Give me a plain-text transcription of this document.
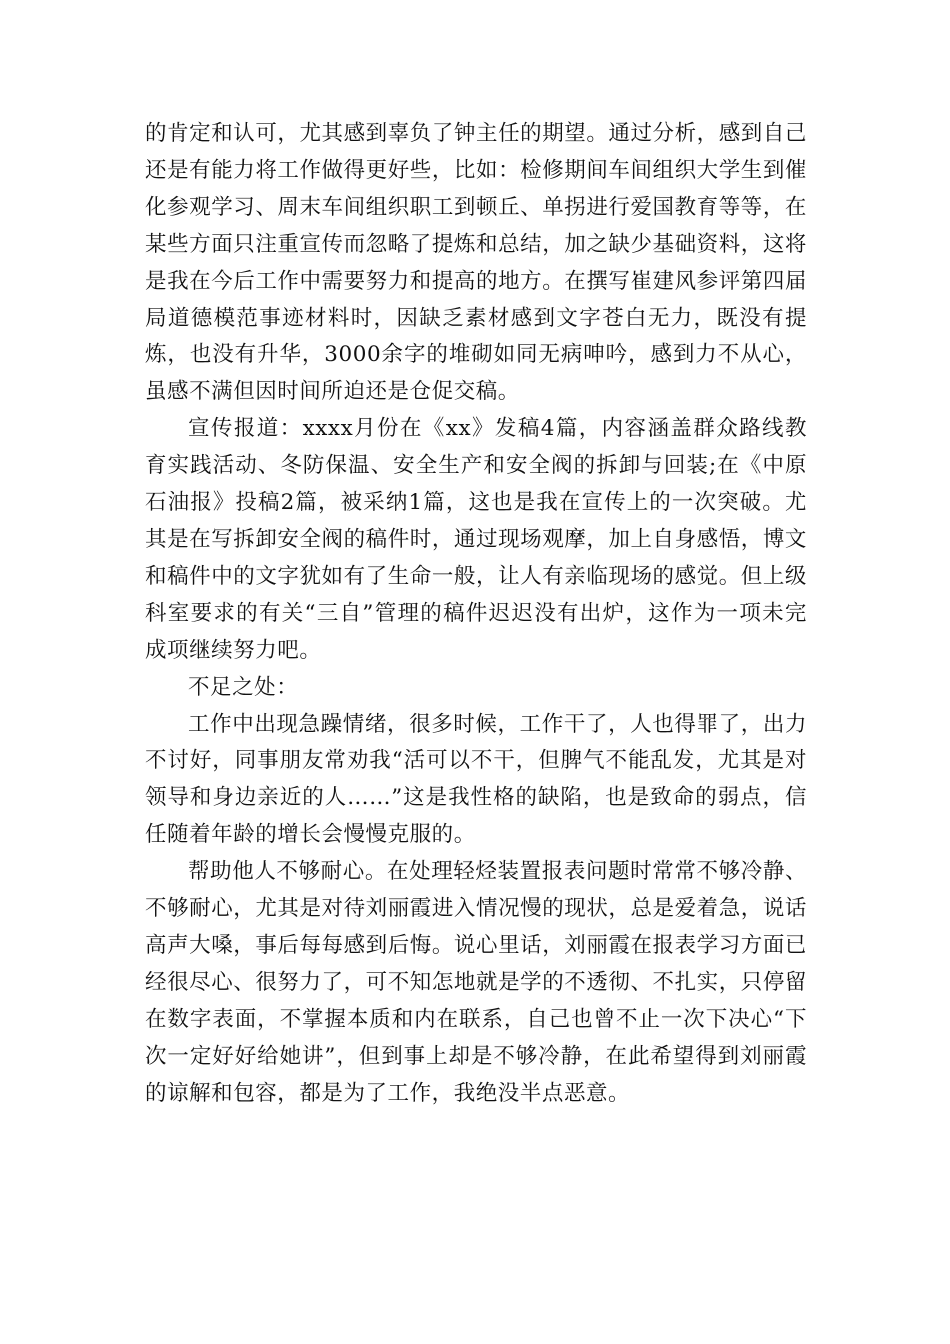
的肯定和认可，尤其感到辜负了钟主任的期望。通过分析，感到自己还是有能力将工作做得更好些，比如：检修期间车间组织大学生到催化参观学习、周末车间组织职工到顿丘、单拐进行爱国教育等等，在某些方面只注重宣传而忽略了提炼和总结，加之缺少基础资料，这将是我在今后工作中需要努力和提高的地方。在撰写崔建风参评第四届局道德模范事迹材料时，因缺乏素材感到文字苍白无力，既没有提炼，也没有升华，3000余字的堆砌如同无病呻吟，感到力不从心，虽感不满但因时间所迫还是仓促交稿。

宣传报道：xxxx月份在《xx》发稿4篇，内容涵盖群众路线教育实践活动、冬防保温、安全生产和安全阀的拆卸与回装;在《中原石油报》投稿2篇，被采纳1篇，这也是我在宣传上的一次突破。尤其是在写拆卸安全阀的稿件时，通过现场观摩，加上自身感悟，博文和稿件中的文字犹如有了生命一般，让人有亲临现场的感觉。但上级科室要求的有关“三自”管理的稿件迟迟没有出炉，这作为一项未完成项继续努力吧。

不足之处：

工作中出现急躁情绪，很多时候，工作干了，人也得罪了，出力不讨好，同事朋友常劝我“活可以不干，但脾气不能乱发，尤其是对领导和身边亲近的人……”这是我性格的缺陷，也是致命的弱点，信任随着年龄的增长会慢慢克服的。

帮助他人不够耐心。在处理轻烃装置报表问题时常常不够冷静、不够耐心，尤其是对待刘丽霞进入情况慢的现状，总是爱着急，说话高声大嗓，事后每每感到后悔。说心里话，刘丽霞在报表学习方面已经很尽心、很努力了，可不知怎地就是学的不透彻、不扎实，只停留在数字表面，不掌握本质和内在联系，自己也曾不止一次下决心“下次一定好好给她讲”，但到事上却是不够冷静，在此希望得到刘丽霞的谅解和包容，都是为了工作，我绝没半点恶意。
